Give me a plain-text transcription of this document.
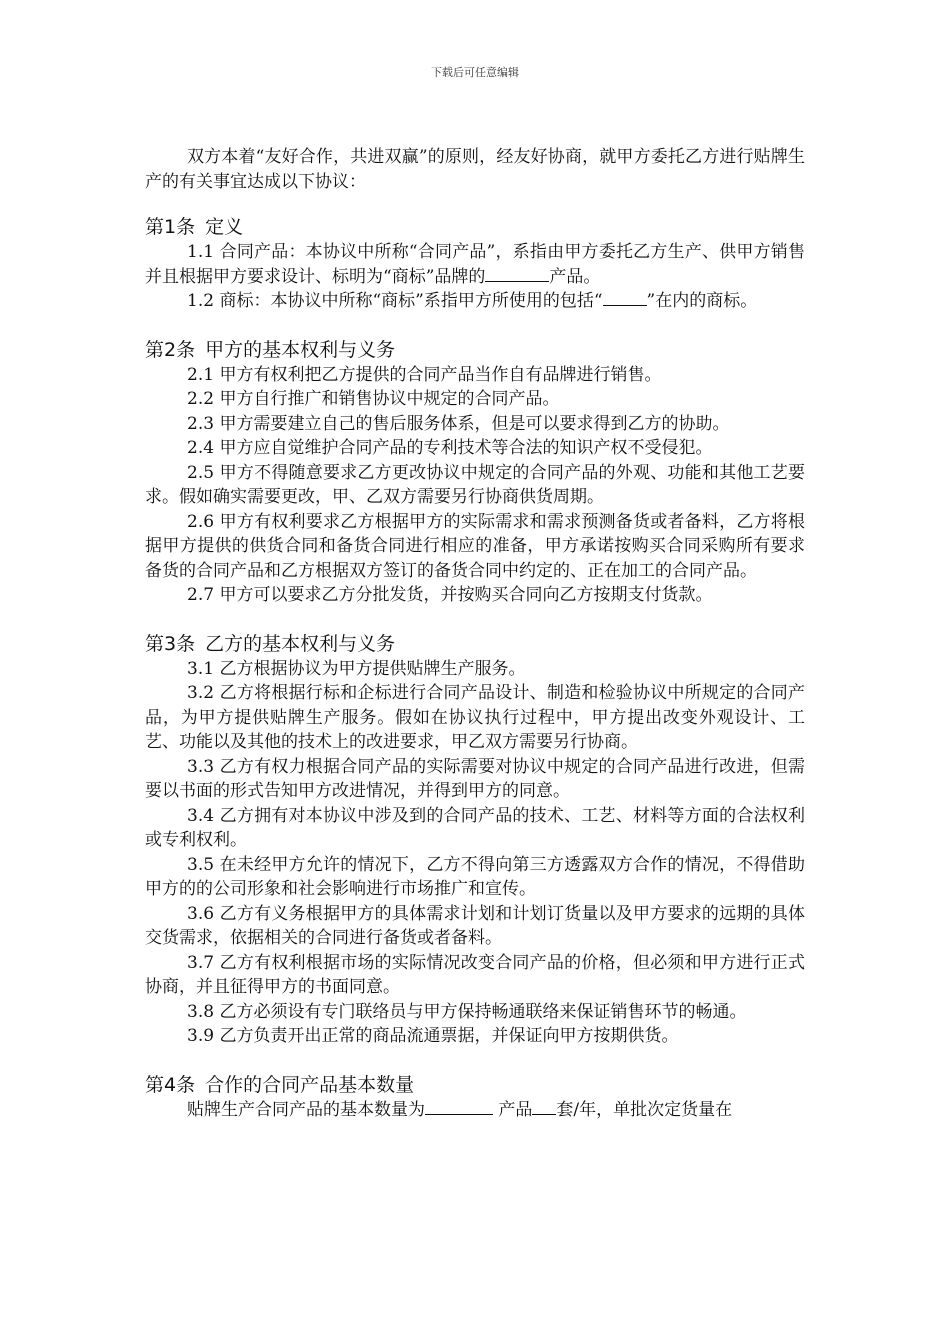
下载后可任意编辑

双方本着“友好合作，共进双赢”的原则，经友好协商，就甲方委托乙方进行贴牌生产的有关事宜达成以下协议：

第1条 定义

1.1 合同产品：本协议中所称“合同产品”，系指由甲方委托乙方生产、供甲方销售并且根据甲方要求设计、标明为“商标”品牌的	产品。

1.2 商标：本协议中所称“商标”系指甲方所使用的包括“	”在内的商标。

第2条 甲方的基本权利与义务

2.1 甲方有权利把乙方提供的合同产品当作自有品牌进行销售。

2.2 甲方自行推广和销售协议中规定的合同产品。

2.3 甲方需要建立自己的售后服务体系，但是可以要求得到乙方的协助。

2.4 甲方应自觉维护合同产品的专利技术等合法的知识产权不受侵犯。

2.5 甲方不得随意要求乙方更改协议中规定的合同产品的外观、功能和其他工艺要求。假如确实需要更改，甲、乙双方需要另行协商供货周期。

2.6 甲方有权利要求乙方根据甲方的实际需求和需求预测备货或者备料，乙方将根据甲方提供的供货合同和备货合同进行相应的准备，甲方承诺按购买合同采购所有要求备货的合同产品和乙方根据双方签订的备货合同中约定的、正在加工的合同产品。

2.7 甲方可以要求乙方分批发货，并按购买合同向乙方按期支付货款。

第3条 乙方的基本权利与义务

3.1 乙方根据协议为甲方提供贴牌生产服务。

3.2 乙方将根据行标和企标进行合同产品设计、制造和检验协议中所规定的合同产品，为甲方提供贴牌生产服务。假如在协议执行过程中，甲方提出改变外观设计、工艺、功能以及其他的技术上的改进要求，甲乙双方需要另行协商。

3.3 乙方有权力根据合同产品的实际需要对协议中规定的合同产品进行改进，但需要以书面的形式告知甲方改进情况，并得到甲方的同意。

3.4 乙方拥有对本协议中涉及到的合同产品的技术、工艺、材料等方面的合法权利或专利权利。

3.5 在未经甲方允许的情况下，乙方不得向第三方透露双方合作的情况，不得借助甲方的的公司形象和社会影响进行市场推广和宣传。

3.6 乙方有义务根据甲方的具体需求计划和计划订货量以及甲方要求的远期的具体交货需求，依据相关的合同进行备货或者备料。

3.7 乙方有权利根据市场的实际情况改变合同产品的价格，但必须和甲方进行正式协商，并且征得甲方的书面同意。

3.8 乙方必须设有专门联络员与甲方保持畅通联络来保证销售环节的畅通。

3.9 乙方负责开出正常的商品流通票据，并保证向甲方按期供货。

第4条 合作的合同产品基本数量

贴牌生产合同产品的基本数量为	产品 套/年，单批次定货量在
